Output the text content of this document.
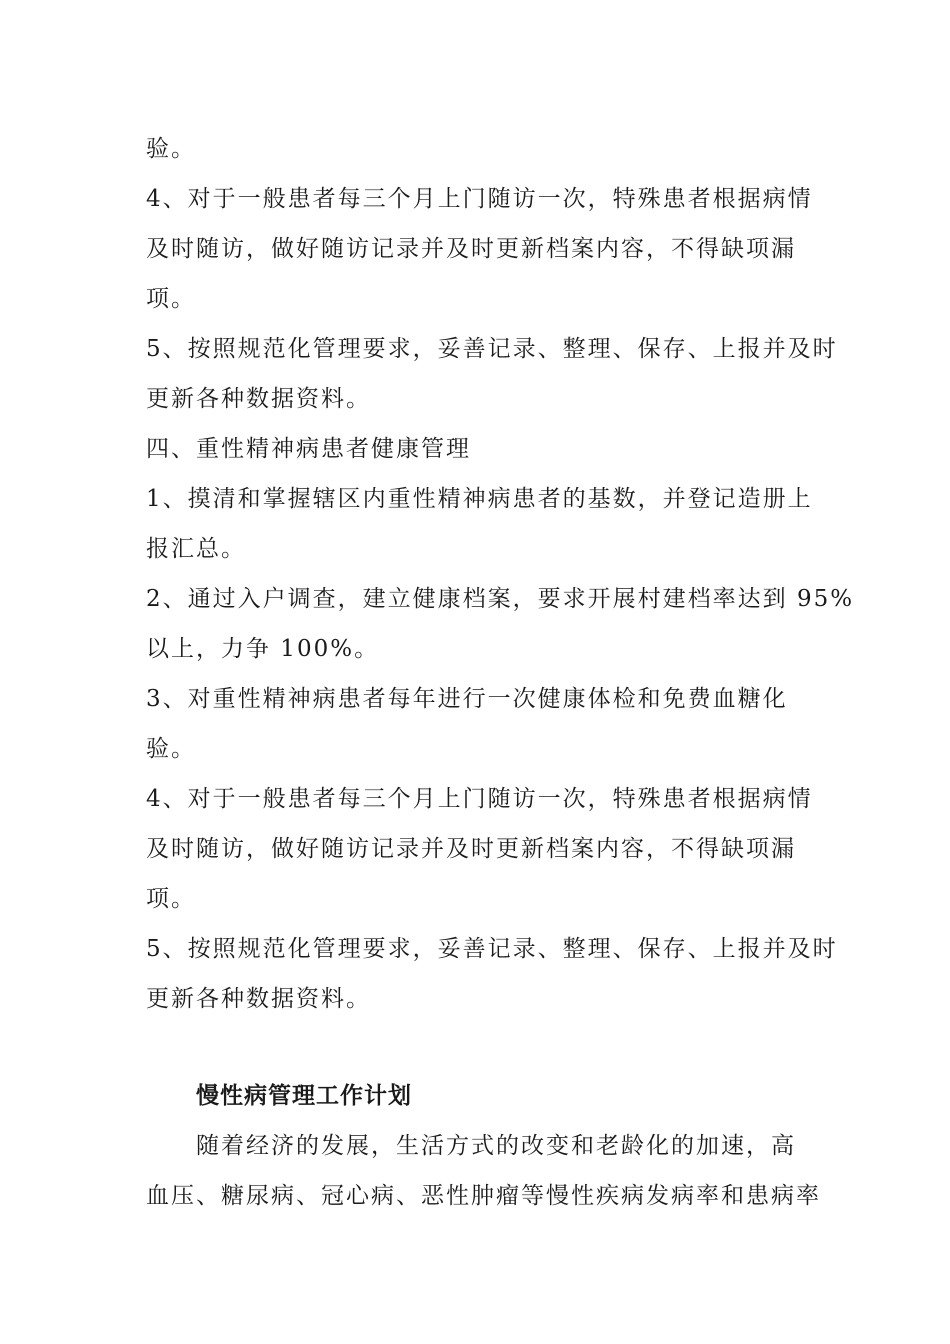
验。
4、对于一般患者每三个月上门随访一次，特殊患者根据病情
及时随访，做好随访记录并及时更新档案内容，不得缺项漏
项。
5、按照规范化管理要求，妥善记录、整理、保存、上报并及时
更新各种数据资料。
四、重性精神病患者健康管理
1、摸清和掌握辖区内重性精神病患者的基数，并登记造册上
报汇总。
2、通过入户调查，建立健康档案，要求开展村建档率达到 95%
以上，力争 100%。
3、对重性精神病患者每年进行一次健康体检和免费血糖化
验。
4、对于一般患者每三个月上门随访一次，特殊患者根据病情
及时随访，做好随访记录并及时更新档案内容，不得缺项漏
项。
5、按照规范化管理要求，妥善记录、整理、保存、上报并及时
更新各种数据资料。
慢性病管理工作计划
随着经济的发展，生活方式的改变和老龄化的加速，高
血压、糖尿病、冠心病、恶性肿瘤等慢性疾病发病率和患病率
